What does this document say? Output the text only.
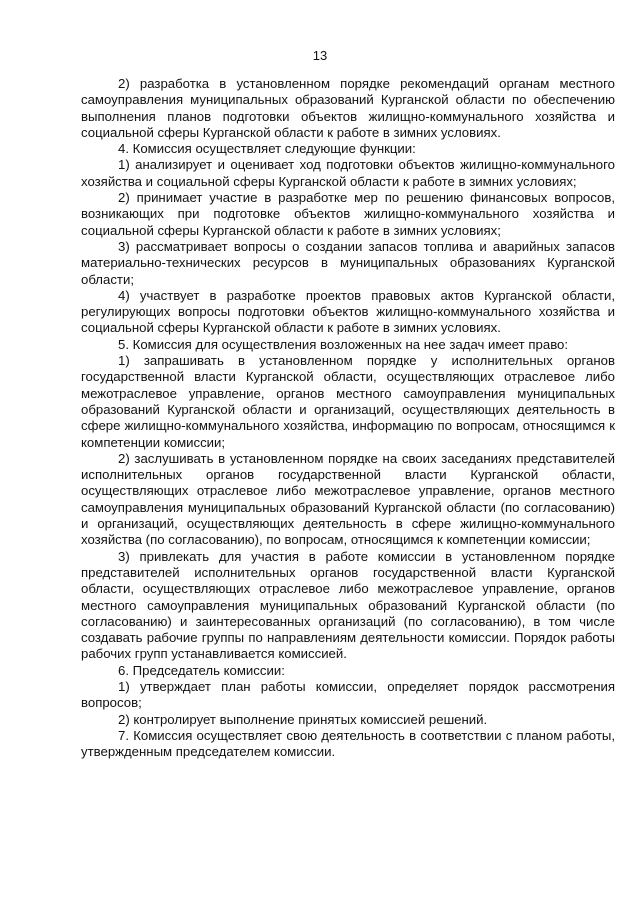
13

2) разработка в установленном порядке рекомендаций органам местного самоуправления муниципальных образований Курганской области по обеспечению выполнения планов подготовки объектов жилищно-коммунального хозяйства и социальной сферы Курганской области к работе в зимних условиях.

4. Комиссия осуществляет следующие функции:

1) анализирует и оценивает ход подготовки объектов жилищно-коммунального хозяйства и социальной сферы Курганской области к работе в зимних условиях;

2) принимает участие в разработке мер по решению финансовых вопросов, возникающих при подготовке объектов жилищно-коммунального хозяйства и социальной сферы Курганской области к работе в зимних условиях;

3) рассматривает вопросы о создании запасов топлива и аварийных запасов материально-технических ресурсов в муниципальных образованиях Курганской области;

4) участвует в разработке проектов правовых актов Курганской области, регулирующих вопросы подготовки объектов жилищно-коммунального хозяйства и социальной сферы Курганской области к работе в зимних условиях.

5. Комиссия для осуществления возложенных на нее задач имеет право:

1) запрашивать в установленном порядке у исполнительных органов государственной власти Курганской области, осуществляющих отраслевое либо межотраслевое управление, органов местного самоуправления муниципальных образований Курганской области и организаций, осуществляющих деятельность в сфере жилищно-коммунального хозяйства, информацию по вопросам, относящимся к компетенции комиссии;

2) заслушивать в установленном порядке на своих заседаниях представителей исполнительных органов государственной власти Курганской области, осуществляющих отраслевое либо межотраслевое управление, органов местного самоуправления муниципальных образований Курганской области (по согласованию) и организаций, осуществляющих деятельность в сфере жилищно-коммунального хозяйства (по согласованию), по вопросам, относящимся к компетенции комиссии;

3) привлекать для участия в работе комиссии в установленном порядке представителей исполнительных органов государственной власти Курганской области, осуществляющих отраслевое либо межотраслевое управление, органов местного самоуправления муниципальных образований Курганской области (по согласованию) и заинтересованных организаций (по согласованию), в том числе создавать рабочие группы по направлениям деятельности комиссии. Порядок работы рабочих групп устанавливается комиссией.

6. Председатель комиссии:

1) утверждает план работы комиссии, определяет порядок рассмотрения вопросов;

2) контролирует выполнение принятых комиссией решений.

7. Комиссия осуществляет свою деятельность в соответствии с планом работы, утвержденным председателем комиссии.
